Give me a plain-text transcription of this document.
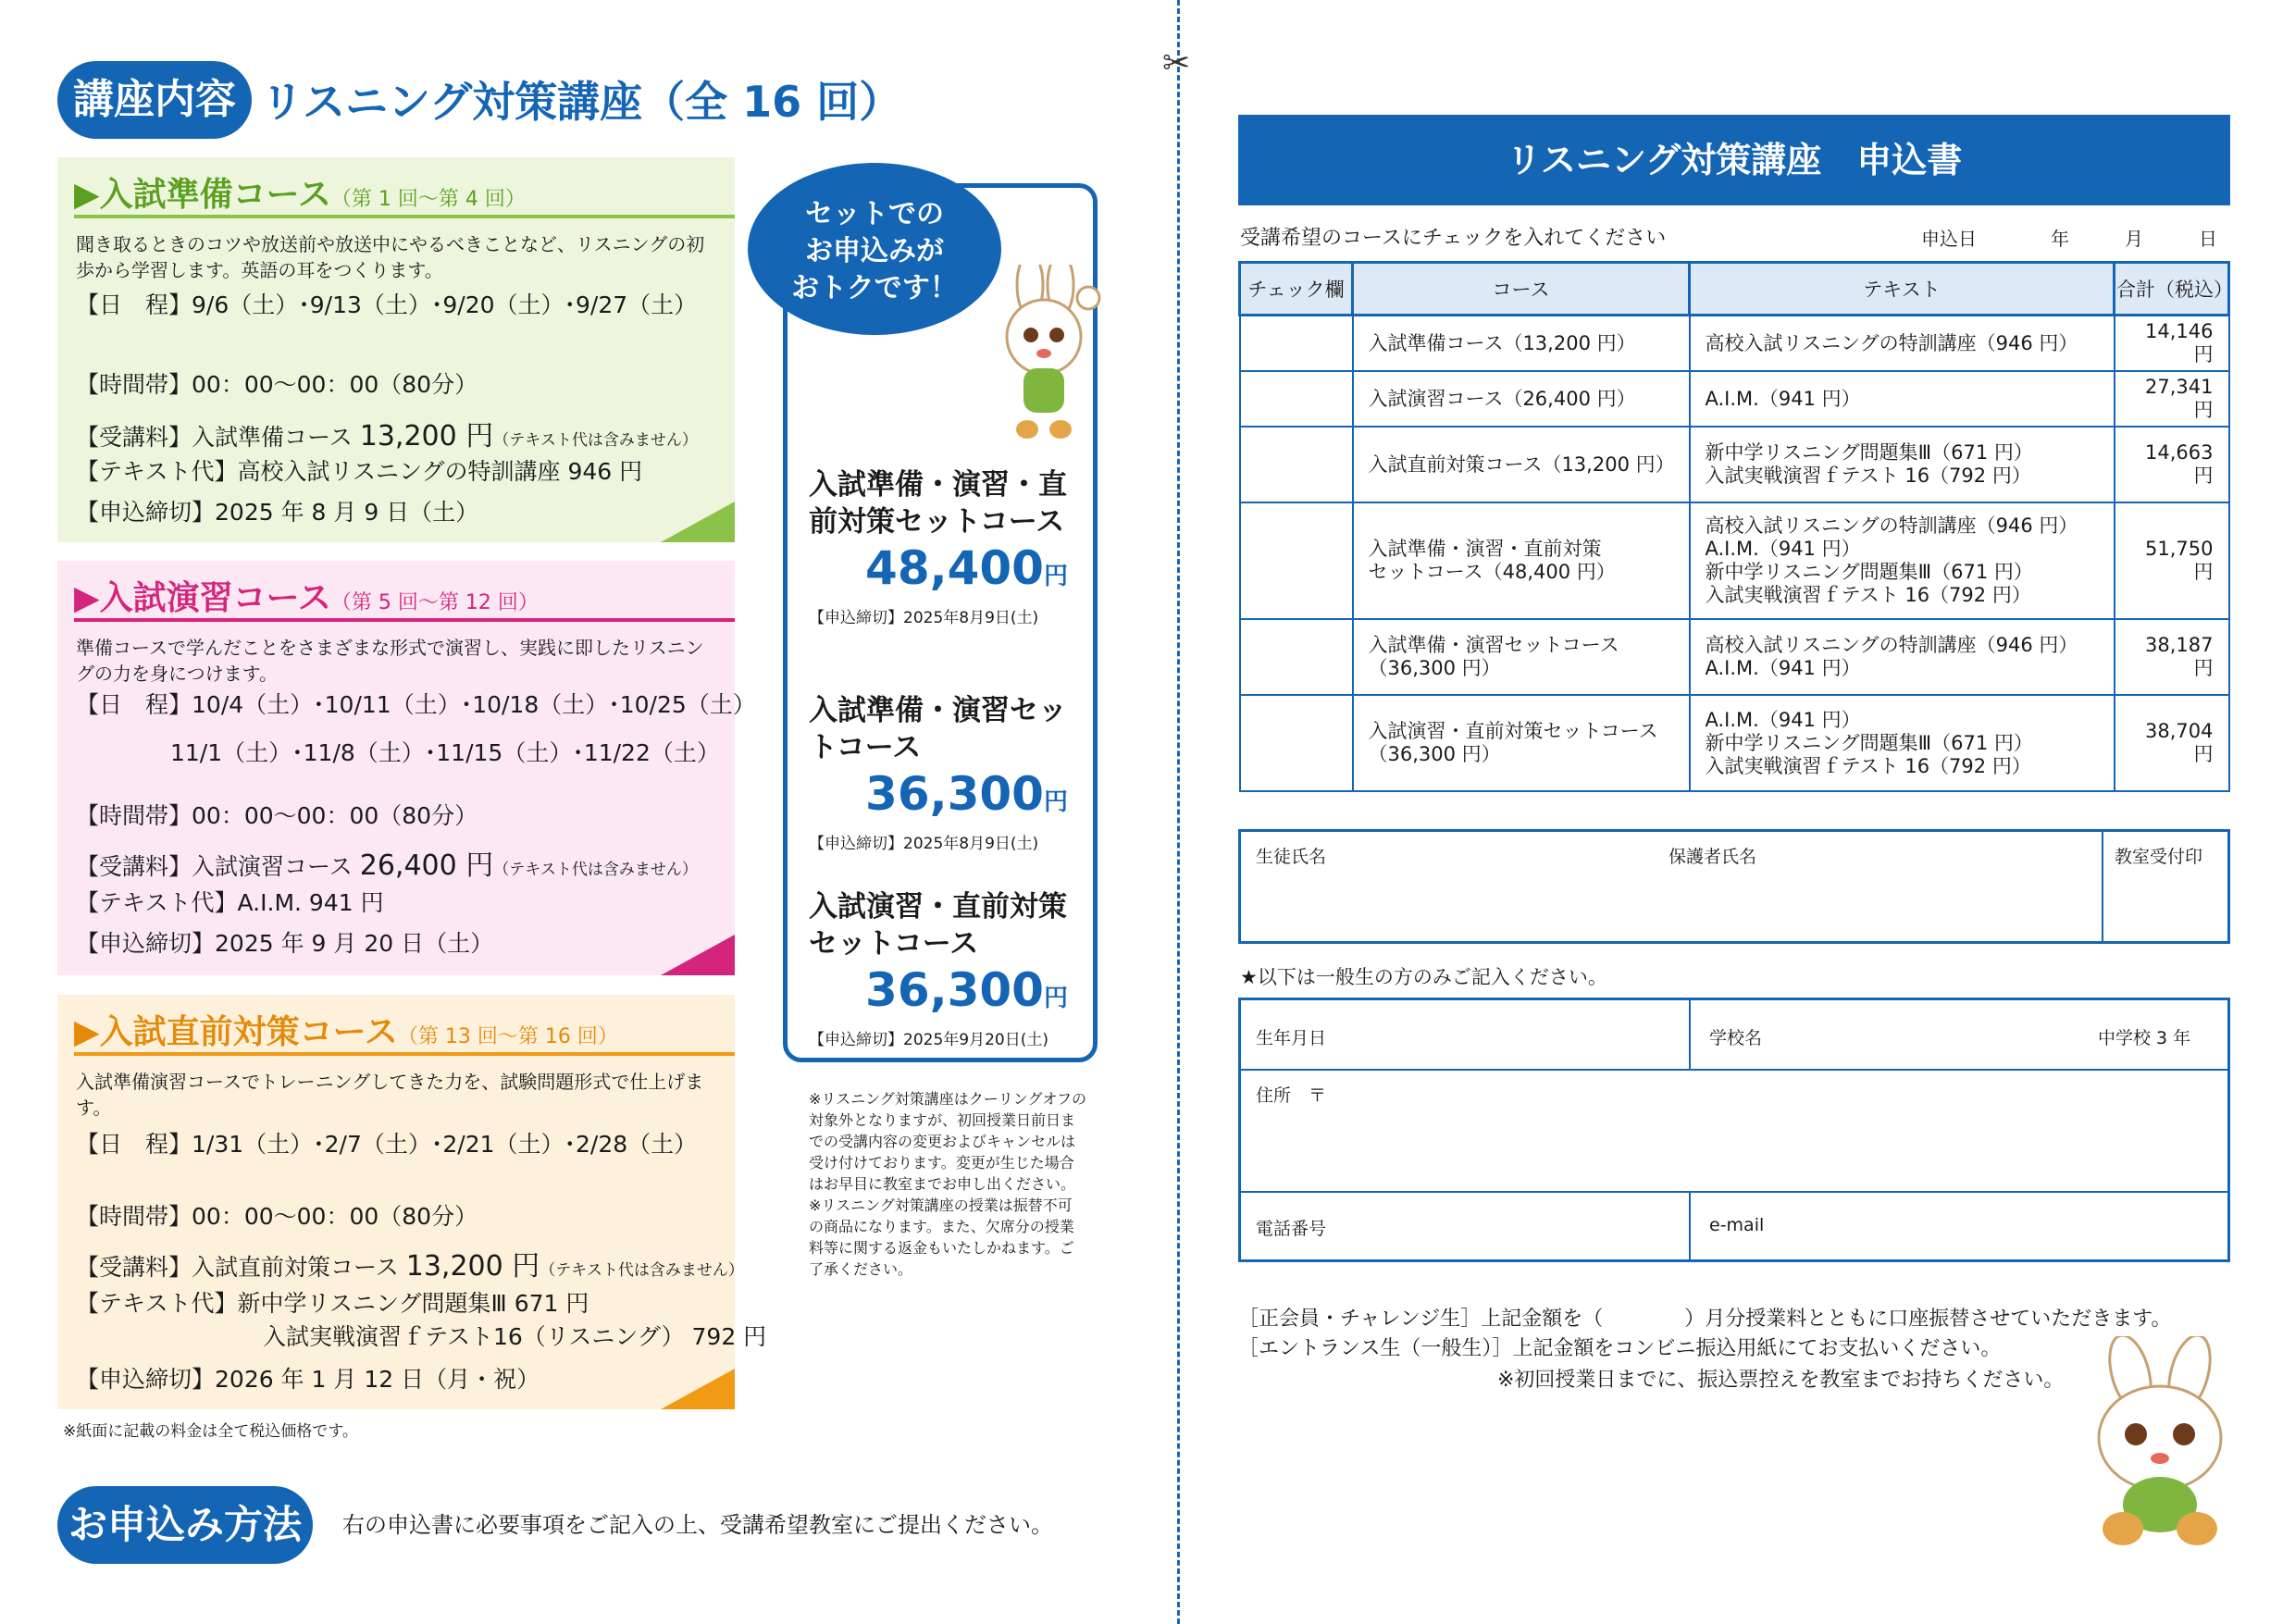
講座内容 リスニング対策講座（全 16 回）
▶入試準備コース（第 1 回〜第 4 回）
聞き取るときのコツや放送前や放送中にやるべきことなど、リスニングの初歩から学習します。英語の耳をつくります。
【日　程】9/6（土）･9/13（土）･9/20（土）･9/27（土）
【時間帯】00：00〜00：00（80分）
【受講料】入試準備コース 13,200 円（テキスト代は含みません）
【テキスト代】高校入試リスニングの特訓講座 946 円
【申込締切】2025 年 8 月 9 日（土）
▶入試演習コース（第 5 回〜第 12 回）
準備コースで学んだことをさまざまな形式で演習し、実践に即したリスニングの力を身につけます。
【日　程】10/4（土）･10/11（土）･10/18（土）･10/25（土）
11/1（土）･11/8（土）･11/15（土）･11/22（土）
【時間帯】00：00〜00：00（80分）
【受講料】入試演習コース 26,400 円（テキスト代は含みません）
【テキスト代】A.I.M. 941 円
【申込締切】2025 年 9 月 20 日（土）
▶入試直前対策コース（第 13 回〜第 16 回）
入試準備演習コースでトレーニングしてきた力を、試験問題形式で仕上げます。
【日　程】1/31（土）･2/7（土）･2/21（土）･2/28（土）
【時間帯】00：00〜00：00（80分）
【受講料】入試直前対策コース 13,200 円（テキスト代は含みません）
【テキスト代】新中学リスニング問題集Ⅲ 671 円
入試実戦演習ｆテスト16（リスニング） 792 円
【申込締切】2026 年 1 月 12 日（月・祝）
※紙面に記載の料金は全て税込価格です。
お申込み方法	右の申込書に必要事項をご記入の上、受講希望教室にご提出ください。
セットでの
お申込みが
おトクです！
入試準備・演習・直前対策セットコース
48,400円
【申込締切】2025年8月9日(土)
入試準備・演習セットコース
36,300円
【申込締切】2025年8月9日(土)
入試演習・直前対策セットコース
36,300円
【申込締切】2025年9月20日(土)
※リスニング対策講座はクーリングオフの対象外となりますが、初回授業日前日までの受講内容の変更およびキャンセルは受け付けております。変更が生じた場合はお早目に教室までお申し出ください。※リスニング対策講座の授業は振替不可の商品になります。また、欠席分の授業料等に関する返金もいたしかねます。ご了承ください。
✂
リスニング対策講座　申込書
受講希望のコースにチェックを入れてください	申込日　　　　	年　　　	月　　　	日
チェック欄	コース	テキスト	合計（税込）
	入試準備コース（13,200 円）	高校入試リスニングの特訓講座（946 円）	14,146 円
	入試演習コース（26,400 円）	A.I.M.（941 円）	27,341 円
	入試直前対策コース（13,200 円）	新中学リスニング問題集Ⅲ（671 円）
入試実戦演習ｆテスト 16（792 円）	14,663 円
	入試準備・演習・直前対策
セットコース（48,400 円）	高校入試リスニングの特訓講座（946 円）
A.I.M.（941 円）
新中学リスニング問題集Ⅲ（671 円）
入試実戦演習ｆテスト 16（792 円）	51,750 円
	入試準備・演習セットコース
（36,300 円）	高校入試リスニングの特訓講座（946 円）
A.I.M.（941 円）	38,187 円
	入試演習・直前対策セットコース
（36,300 円）	A.I.M.（941 円）
新中学リスニング問題集Ⅲ（671 円）
入試実戦演習ｆテスト 16（792 円）	38,704 円
生徒氏名	保護者氏名	教室受付印
★以下は一般生の方のみご記入ください。
生年月日	学校名	中学校 3 年
住所　〒
電話番号	e-mail
［正会員・チャレンジ生］上記金額を（　　　　）月分授業料とともに口座振替させていただきます。
［エントランス生（一般生）］上記金額をコンビニ振込用紙にてお支払いください。
※初回授業日までに、振込票控えを教室までお持ちください。
